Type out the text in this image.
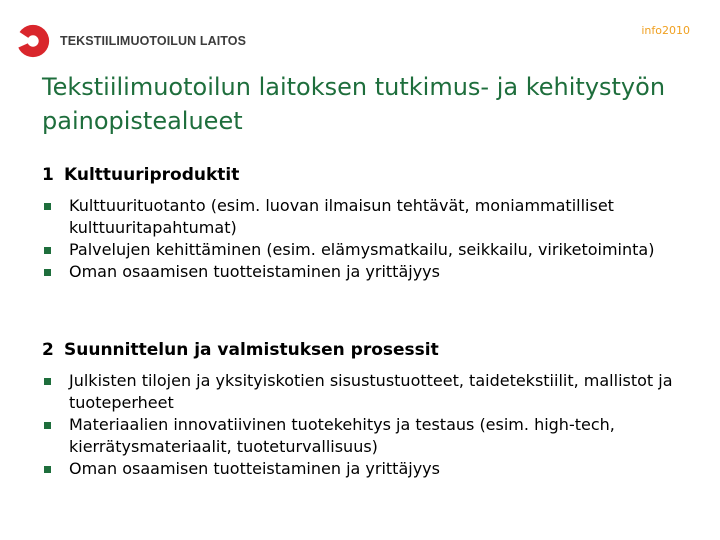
TEKSTIILIMUOTOILUN LAITOS
info2010
Tekstiilimuotoilun laitoksen tutkimus- ja kehitystyön painopistealueet
1 Kulttuuriproduktit
Kulttuurituotanto (esim. luovan ilmaisun tehtävät, moniammatilliset kulttuuritapahtumat)
Palvelujen kehittäminen (esim. elämysmatkailu, seikkailu, viriketoiminta)
Oman osaamisen tuotteistaminen ja yrittäjyys
2 Suunnittelun ja valmistuksen prosessit
Julkisten tilojen ja yksityiskotien sisustustuotteet, taidetekstiilit, mallistot ja tuoteperheet
Materiaalien innovatiivinen tuotekehitys ja testaus (esim. high-tech, kierrätysmateriaalit, tuoteturvallisuus)
Oman osaamisen tuotteistaminen ja yrittäjyys
